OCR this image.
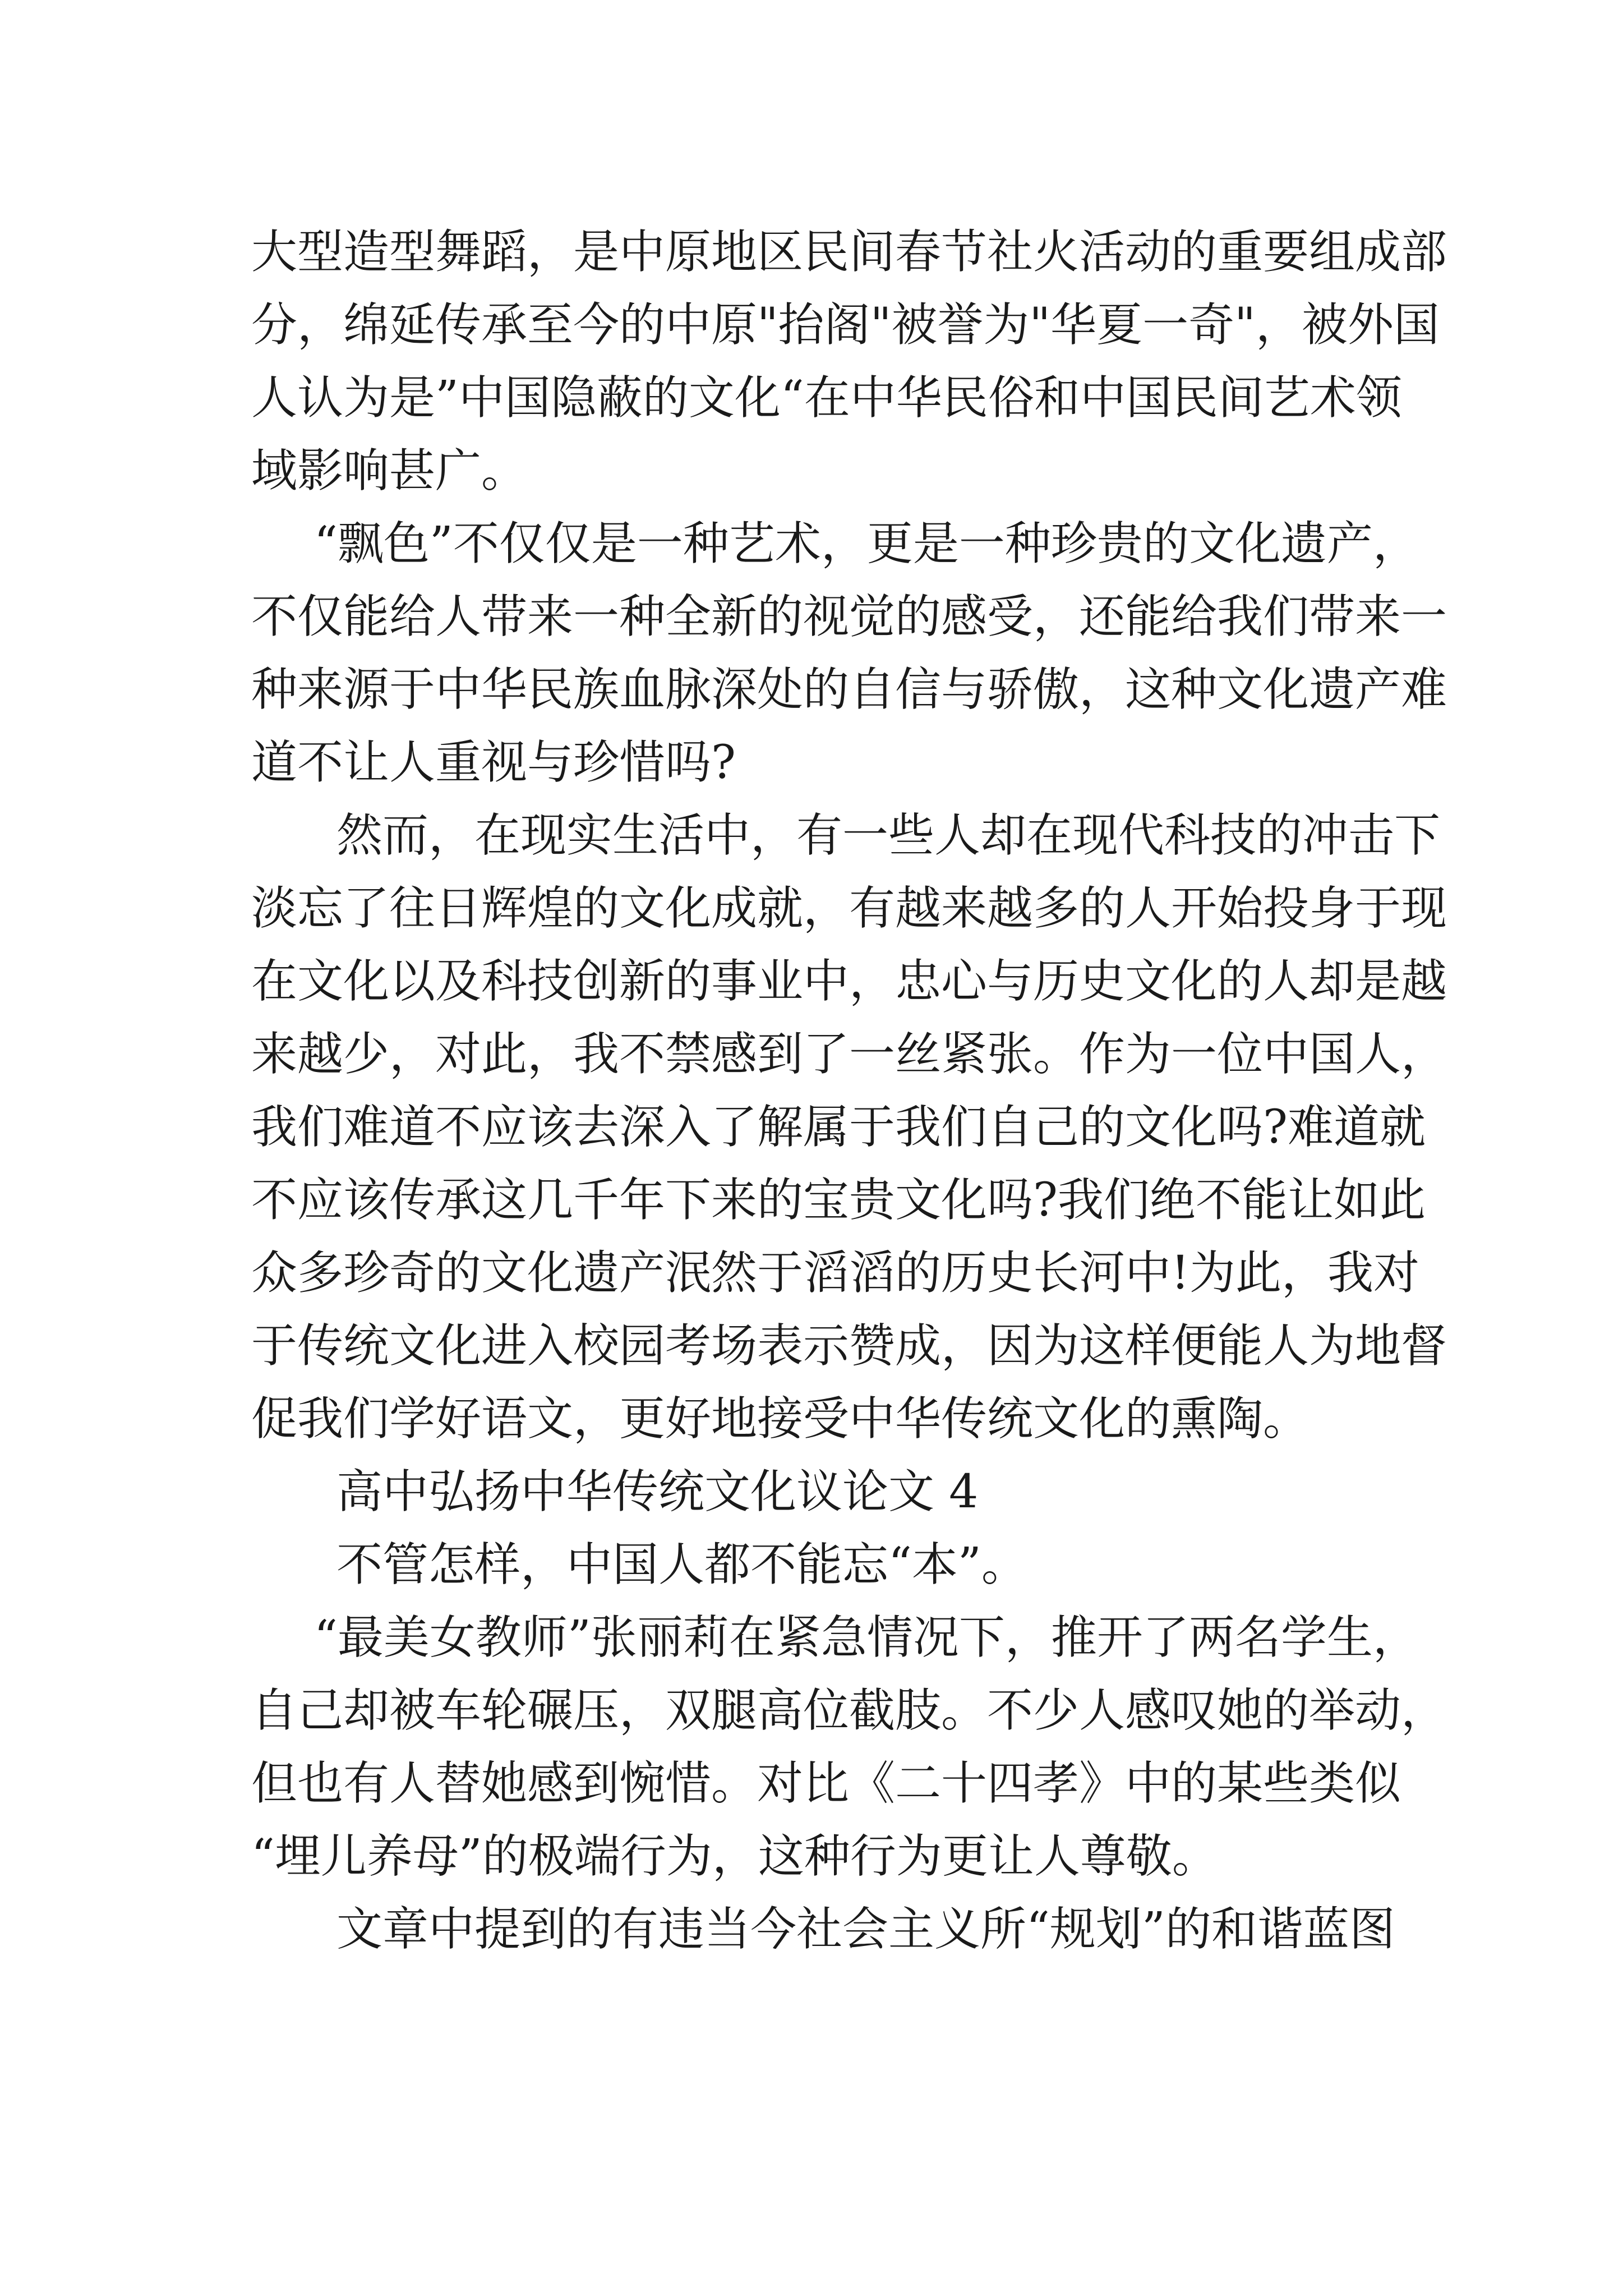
大型造型舞蹈，是中原地区民间春节社火活动的重要组成部
分，绵延传承至今的中原"抬阁"被誉为"华夏一奇"，被外国
人认为是”中国隐蔽的文化“在中华民俗和中国民间艺术领
域影响甚广。
“飘色”不仅仅是一种艺术，更是一种珍贵的文化遗产，
不仅能给人带来一种全新的视觉的感受，还能给我们带来一
种来源于中华民族血脉深处的自信与骄傲，这种文化遗产难
道不让人重视与珍惜吗?
然而，在现实生活中，有一些人却在现代科技的冲击下
淡忘了往日辉煌的文化成就，有越来越多的人开始投身于现
在文化以及科技创新的事业中，忠心与历史文化的人却是越
来越少，对此，我不禁感到了一丝紧张。作为一位中国人，
我们难道不应该去深入了解属于我们自己的文化吗?难道就
不应该传承这几千年下来的宝贵文化吗?我们绝不能让如此
众多珍奇的文化遗产泯然于滔滔的历史长河中!为此，我对
于传统文化进入校园考场表示赞成，因为这样便能人为地督
促我们学好语文，更好地接受中华传统文化的熏陶。
高中弘扬中华传统文化议论文 4
不管怎样，中国人都不能忘“本”。
“最美女教师”张丽莉在紧急情况下，推开了两名学生，
自己却被车轮碾压，双腿高位截肢。不少人感叹她的举动，
但也有人替她感到惋惜。对比《二十四孝》中的某些类似
“埋儿养母”的极端行为，这种行为更让人尊敬。
文章中提到的有违当今社会主义所“规划”的和谐蓝图
